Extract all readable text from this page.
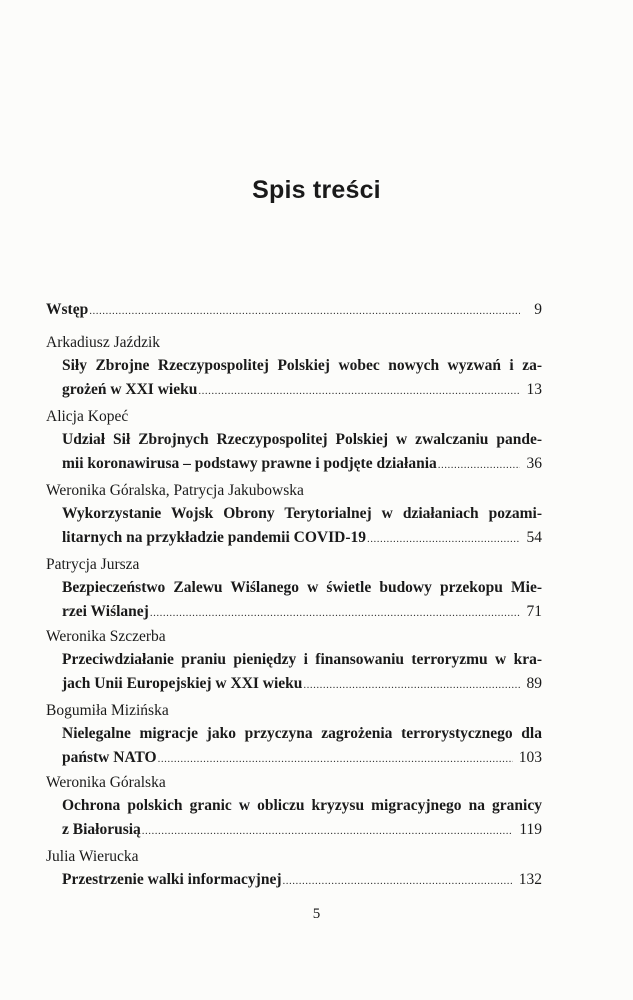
Spis treści
Wstęp .....	9
Arkadiusz Jaździk
Siły Zbrojne Rzeczypospolitej Polskiej wobec nowych wyzwań i za-
grożeń w XXI wieku .....	13
Alicja Kopeć
Udział Sił Zbrojnych Rzeczypospolitej Polskiej w zwalczaniu pande-
mii koronawirusa – podstawy prawne i podjęte działania .....	36
Weronika Góralska, Patrycja Jakubowska
Wykorzystanie Wojsk Obrony Terytorialnej w działaniach pozami-
litarnych na przykładzie pandemii COVID-19 .....	54
Patrycja Jursza
Bezpieczeństwo Zalewu Wiślanego w świetle budowy przekopu Mie-
rzei Wiślanej .....	71
Weronika Szczerba
Przeciwdziałanie praniu pieniędzy i finansowaniu terroryzmu w kra-
jach Unii Europejskiej w XXI wieku .....	89
Bogumiła Mizińska
Nielegalne migracje jako przyczyna zagrożenia terrorystycznego dla
państw NATO .....	103
Weronika Góralska
Ochrona polskich granic w obliczu kryzysu migracyjnego na granicy
z Białorusią .....	119
Julia Wierucka
Przestrzenie walki informacyjnej .....	132
5
